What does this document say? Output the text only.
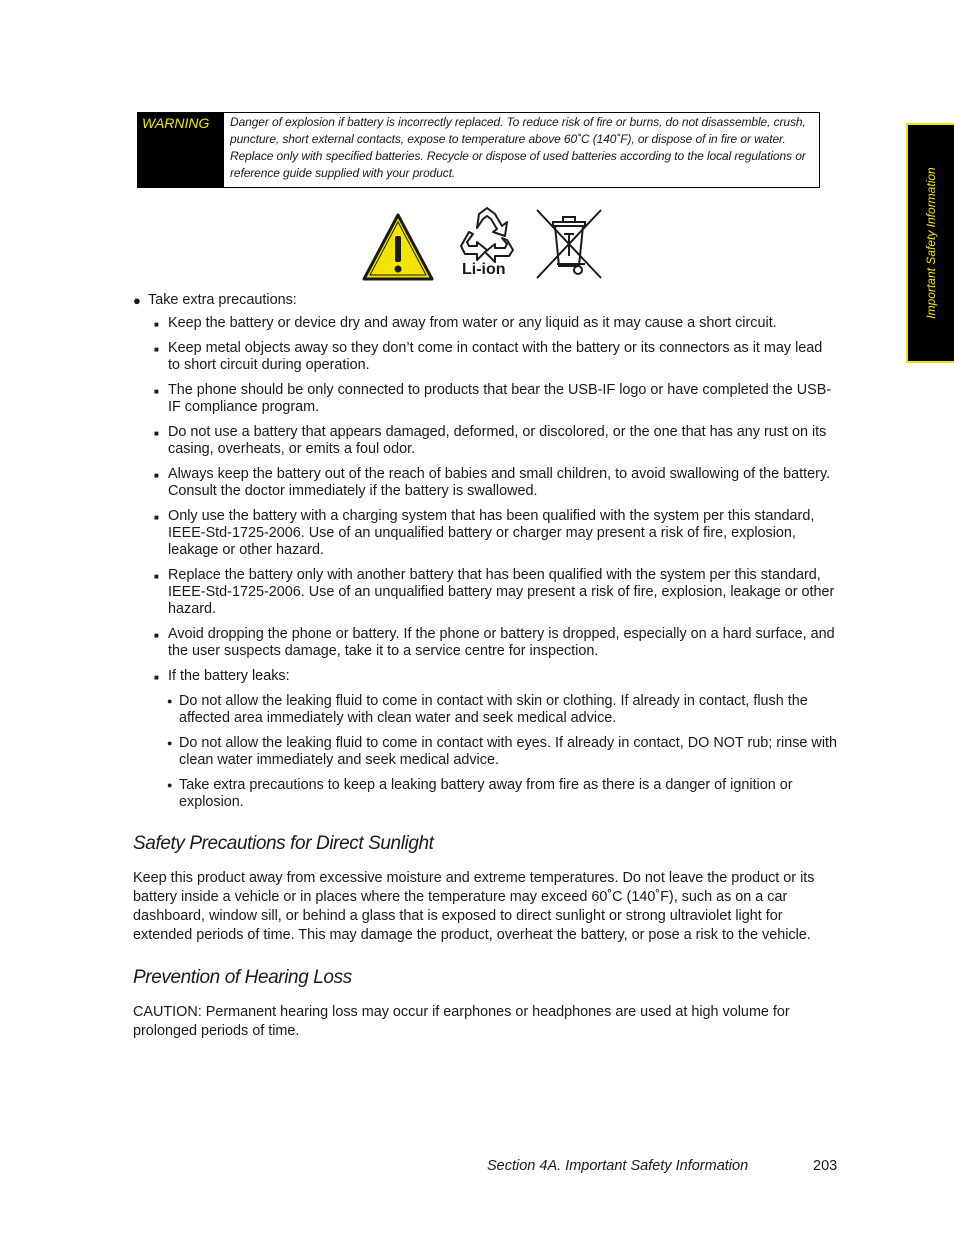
Important Safety Information
WARNING	Danger of explosion if battery is incorrectly replaced. To reduce risk of fire or burns, do not disassemble, crush, puncture, short external contacts, expose to temperature above 60˚C (140˚F), or dispose of in fire or water. Replace only with specified batteries. Recycle or dispose of used batteries according to the local regulations or reference guide supplied with your product.
Li-ion
● Take extra precautions:
■ Keep the battery or device dry and away from water or any liquid as it may cause a short circuit.
■ Keep metal objects away so they don’t come in contact with the battery or its connectors as it may lead to short circuit during operation.
■ The phone should be only connected to products that bear the USB-IF logo or have completed the USB-IF compliance program.
■ Do not use a battery that appears damaged, deformed, or discolored, or the one that has any rust on its casing, overheats, or emits a foul odor.
■ Always keep the battery out of the reach of babies and small children, to avoid swallowing of the battery. Consult the doctor immediately if the battery is swallowed.
■ Only use the battery with a charging system that has been qualified with the system per this standard, IEEE-Std-1725-2006. Use of an unqualified battery or charger may present a risk of fire, explosion, leakage or other hazard.
■ Replace the battery only with another battery that has been qualified with the system per this standard, IEEE-Std-1725-2006. Use of an unqualified battery may present a risk of fire, explosion, leakage or other hazard.
■ Avoid dropping the phone or battery. If the phone or battery is dropped, especially on a hard surface, and the user suspects damage, take it to a service centre for inspection.
■ If the battery leaks:
● Do not allow the leaking fluid to come in contact with skin or clothing. If already in contact, flush the affected area immediately with clean water and seek medical advice.
● Do not allow the leaking fluid to come in contact with eyes. If already in contact, DO NOT rub; rinse with clean water immediately and seek medical advice.
● Take extra precautions to keep a leaking battery away from fire as there is a danger of ignition or explosion.
Safety Precautions for Direct Sunlight

Keep this product away from excessive moisture and extreme temperatures. Do not leave the product or its battery inside a vehicle or in places where the temperature may exceed 60˚C (140˚F), such as on a car dashboard, window sill, or behind a glass that is exposed to direct sunlight or strong ultraviolet light for extended periods of time. This may damage the product, overheat the battery, or pose a risk to the vehicle.

Prevention of Hearing Loss

CAUTION: Permanent hearing loss may occur if earphones or headphones are used at high volume for prolonged periods of time.

Section 4A. Important Safety Information	203
